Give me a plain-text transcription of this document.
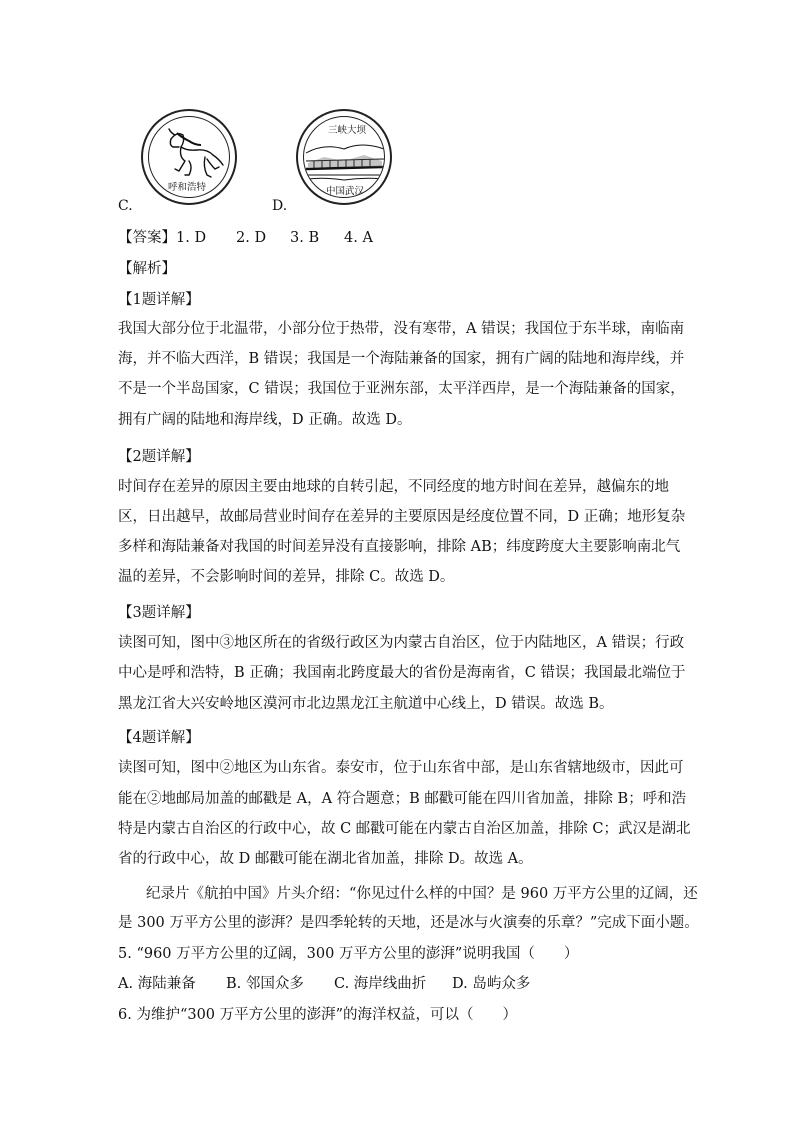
呼和浩特
C.
三峡大坝
中国武汉
D.
【答案】1. D 2. D 3. B 4. A
【解析】
【1题详解】
我国大部分位于北温带，小部分位于热带，没有寒带，A 错误；我国位于东半球，南临南
海，并不临大西洋，B 错误；我国是一个海陆兼备的国家，拥有广阔的陆地和海岸线，并
不是一个半岛国家，C 错误；我国位于亚洲东部，太平洋西岸，是一个海陆兼备的国家，
拥有广阔的陆地和海岸线，D 正确。故选 D。
【2题详解】
时间存在差异的原因主要由地球的自转引起，不同经度的地方时间在差异，越偏东的地
区，日出越早，故邮局营业时间存在差异的主要原因是经度位置不同，D 正确；地形复杂
多样和海陆兼备对我国的时间差异没有直接影响，排除 AB；纬度跨度大主要影响南北气
温的差异，不会影响时间的差异，排除 C。故选 D。
【3题详解】
读图可知，图中③地区所在的省级行政区为内蒙古自治区，位于内陆地区，A 错误；行政
中心是呼和浩特，B 正确；我国南北跨度最大的省份是海南省，C 错误；我国最北端位于
黑龙江省大兴安岭地区漠河市北边黑龙江主航道中心线上，D 错误。故选 B。
【4题详解】
读图可知，图中②地区为山东省。泰安市，位于山东省中部，是山东省辖地级市，因此可
能在②地邮局加盖的邮戳是 A，A 符合题意；B 邮戳可能在四川省加盖，排除 B；呼和浩
特是内蒙古自治区的行政中心，故 C 邮戳可能在内蒙古自治区加盖，排除 C；武汉是湖北
省的行政中心，故 D 邮戳可能在湖北省加盖，排除 D。故选 A。
纪录片《航拍中国》片头介绍：“你见过什么样的中国？是 960 万平方公里的辽阔，还
是 300 万平方公里的澎湃？是四季轮转的天地，还是冰与火演奏的乐章？”完成下面小题。
5. “960 万平方公里的辽阔，300 万平方公里的澎湃”说明我国（　　）
A. 海陆兼备 B. 邻国众多 C. 海岸线曲折 D. 岛屿众多
6. 为维护“300 万平方公里的澎湃”的海洋权益，可以（　　）
